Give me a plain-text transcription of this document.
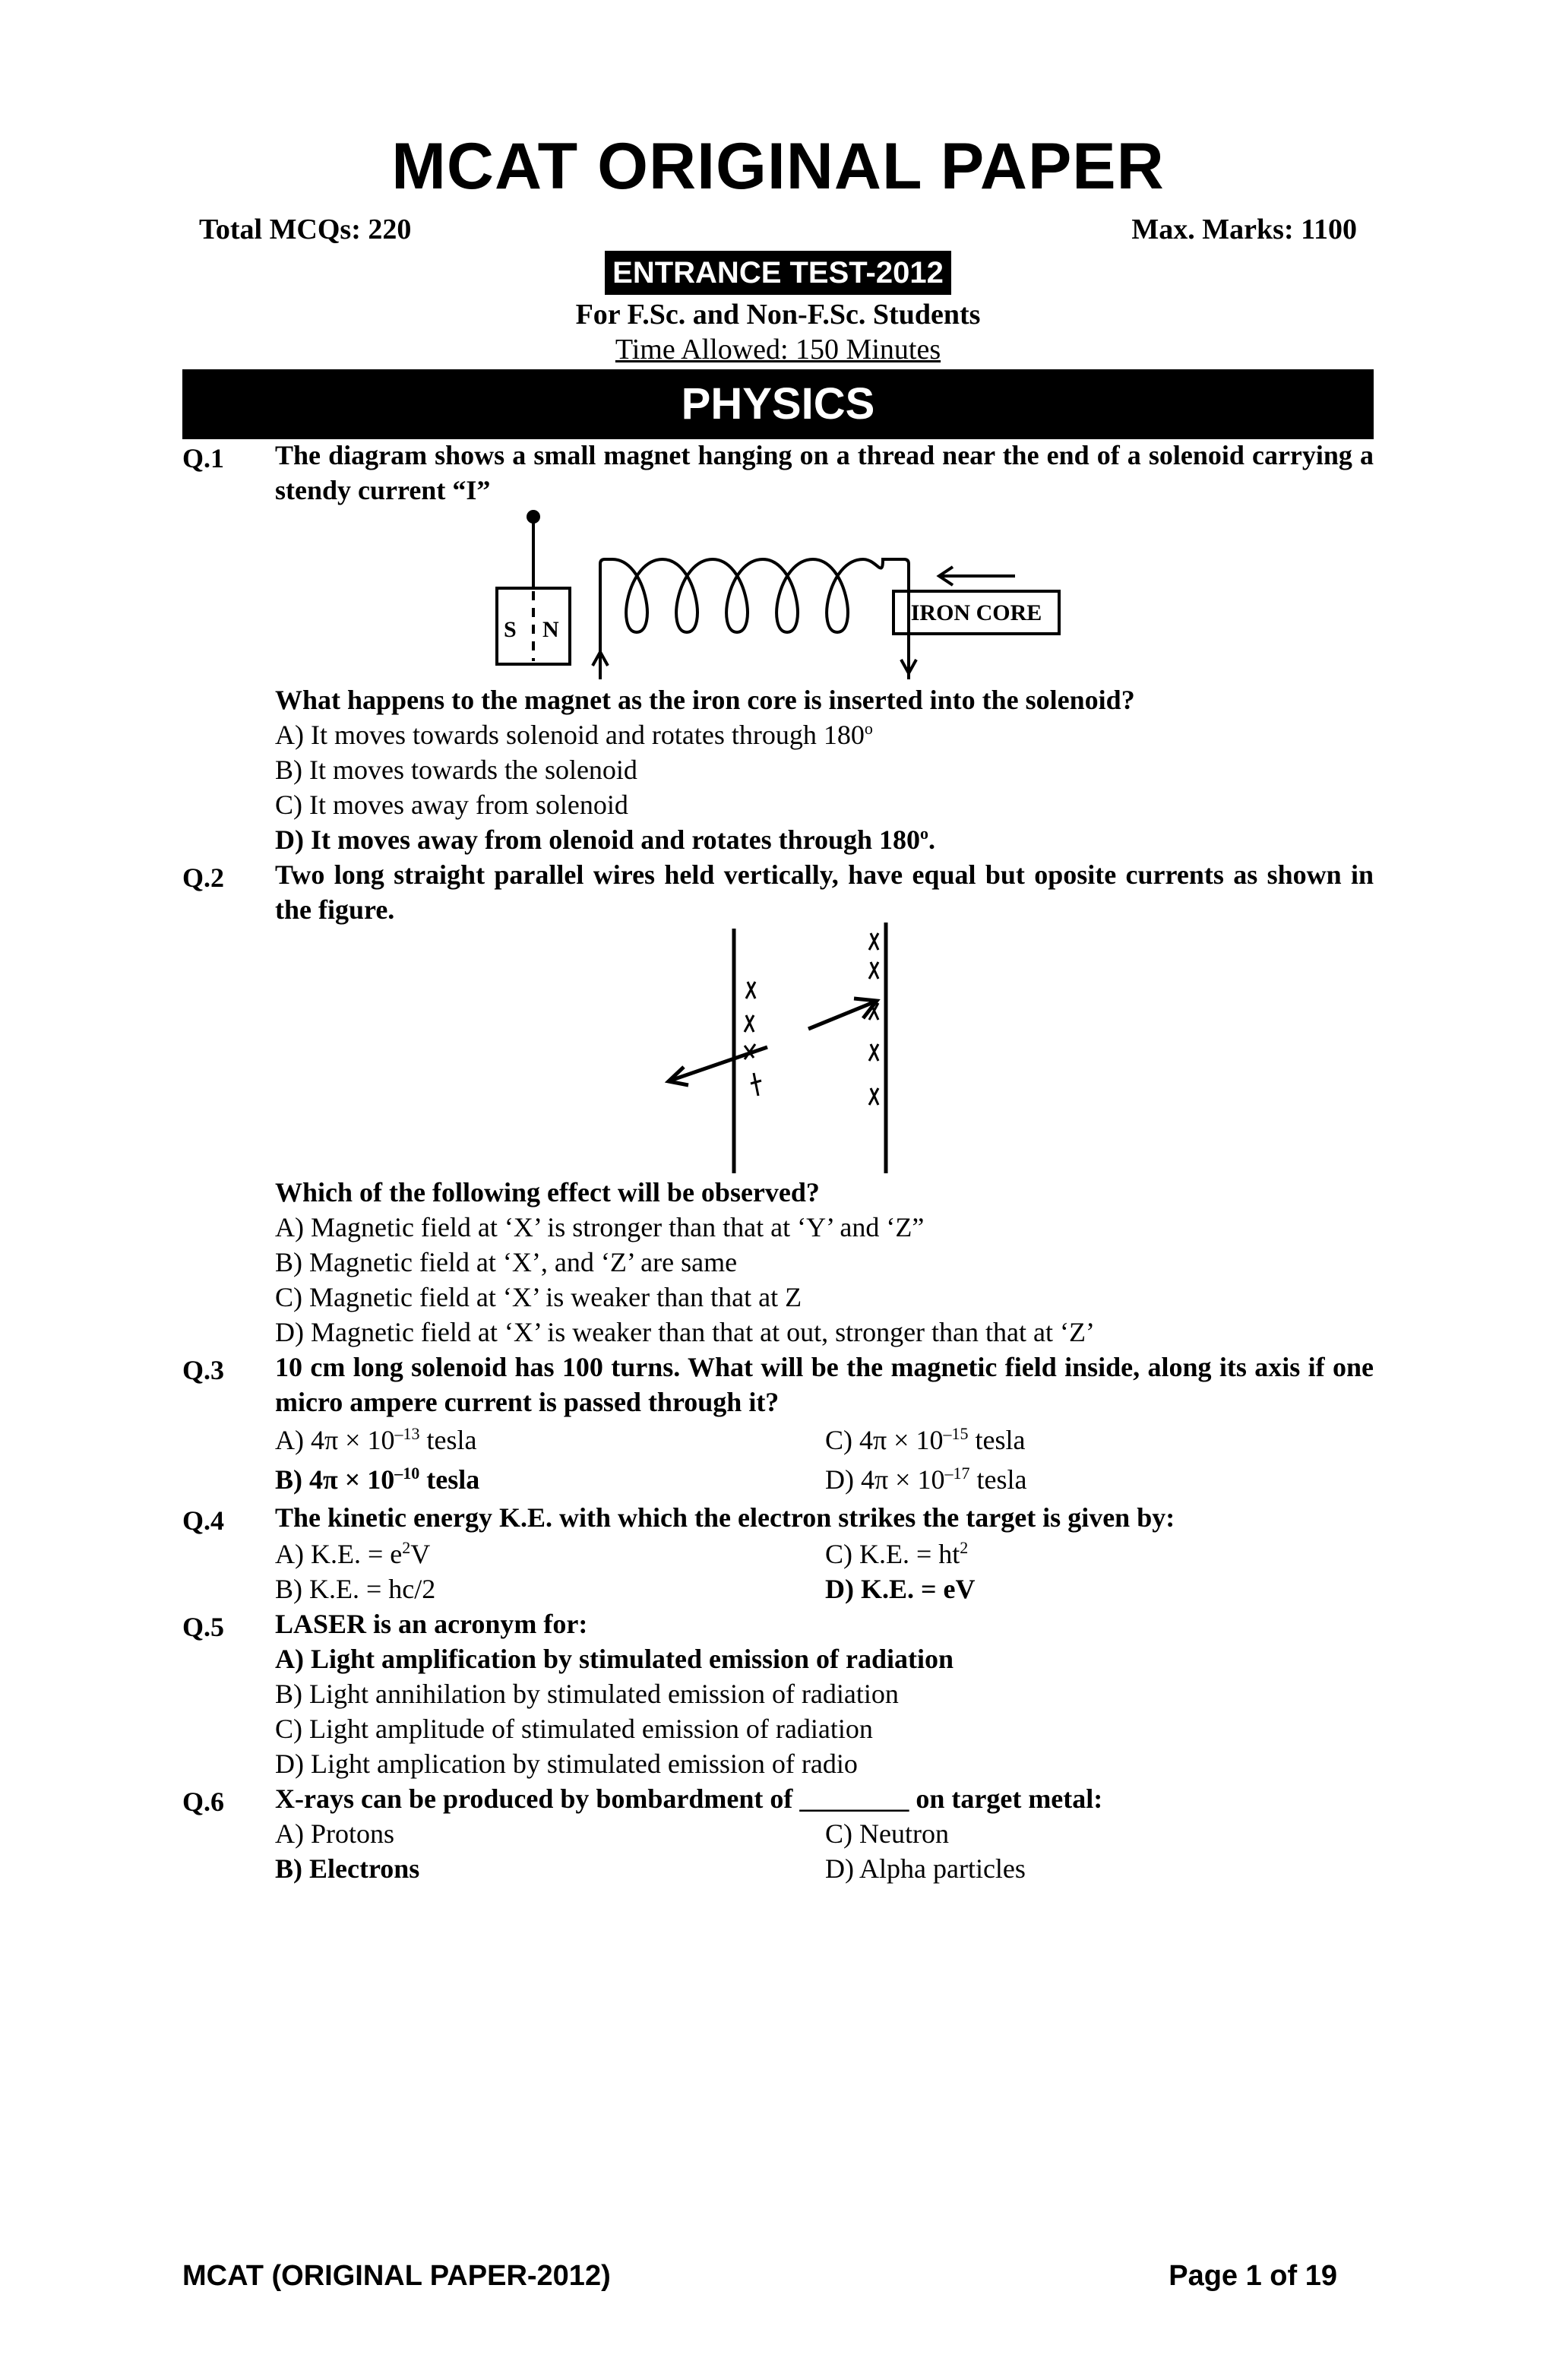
MCAT ORIGINAL PAPER
Total MCQs: 220	Max. Marks: 1100
ENTRANCE TEST-2012
For F.Sc. and Non-F.Sc. Students
Time Allowed: 150 Minutes
PHYSICS
Q.1 The diagram shows a small magnet hanging on a thread near the end of a solenoid carrying a stendy current “I”
S N
IRON CORE
What happens to the magnet as the iron core is inserted into the solenoid?
A) It moves towards solenoid and rotates through 180$^o$
B) It moves towards the solenoid
C) It moves away from solenoid
D) It moves away from olenoid and rotates through 180$^o$.
Q.2 Two long straight parallel wires held vertically, have equal but oposite currents as shown in the figure.
Which of the following effect will be observed?
A) Magnetic field at ‘X’ is stronger than that at ‘Y’ and ‘Z”
B) Magnetic field at ‘X’, and ‘Z’ are same
C) Magnetic field at ‘X’ is weaker than that at Z
D) Magnetic field at ‘X’ is weaker than that at out, stronger than that at ‘Z’
Q.3 10 cm long solenoid has 100 turns. What will be the magnetic field inside, along its axis if one micro ampere current is passed through it?
A) $4\pi \times 10^{-13}$ tesla	C) $4\pi \times 10^{-15}$ tesla
B) $4\pi \times 10^{-10}$ tesla	D) $4\pi \times 10^{-17}$ tesla
Q.4 The kinetic energy K.E. with which the electron strikes the target is given by:
A) K.E. = $e^2V$	C) K.E. = $ht^2$
B) K.E. = hc/2	D) K.E. = eV
Q.5 LASER is an acronym for:
A) Light amplification by stimulated emission of radiation
B) Light annihilation by stimulated emission of radiation
C) Light amplitude of stimulated emission of radiation
D) Light amplication by stimulated emission of radio
Q.6 X-rays can be produced by bombardment of ________ on target metal:
A) Protons	C) Neutron
B) Electrons	D) Alpha particles
MCAT (ORIGINAL PAPER-2012)	Page 1 of 19
